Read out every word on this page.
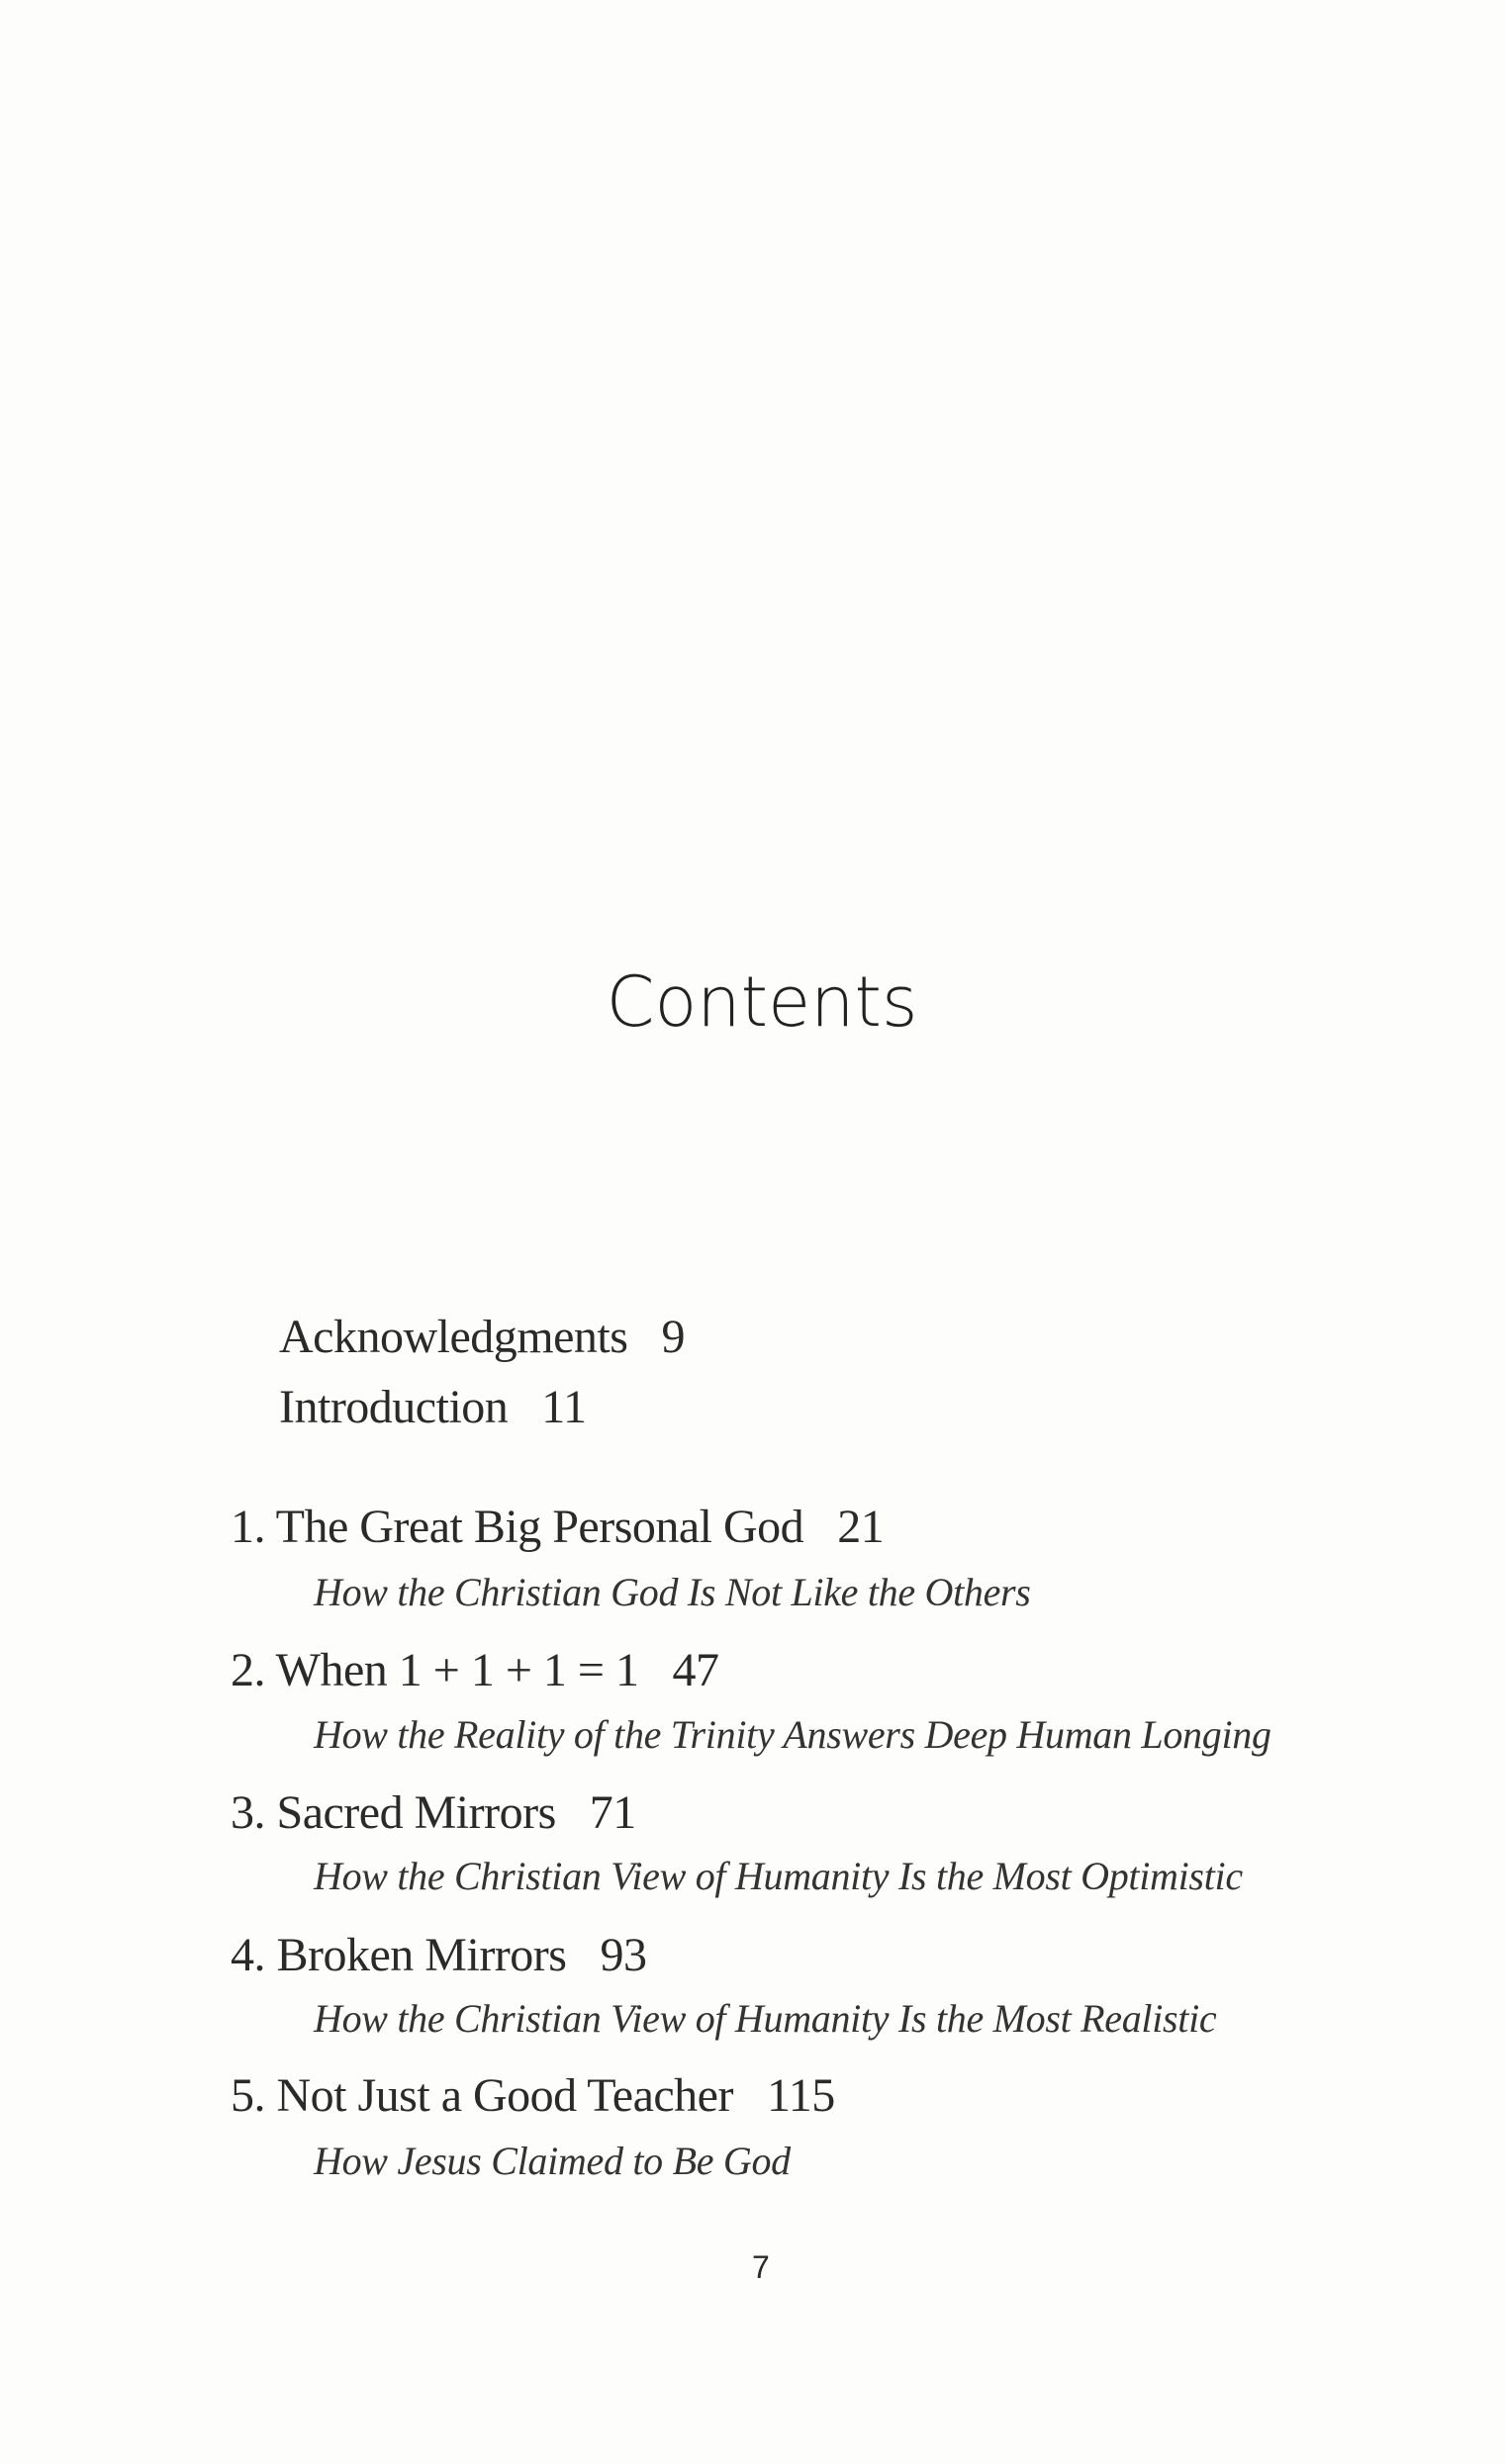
Contents
Acknowledgments 9
Introduction 11
1. The Great Big Personal God 21
How the Christian God Is Not Like the Others
2. When 1 + 1 + 1 = 1 47
How the Reality of the Trinity Answers Deep Human Longing
3. Sacred Mirrors 71
How the Christian View of Humanity Is the Most Optimistic
4. Broken Mirrors 93
How the Christian View of Humanity Is the Most Realistic
5. Not Just a Good Teacher 115
How Jesus Claimed to Be God
7
